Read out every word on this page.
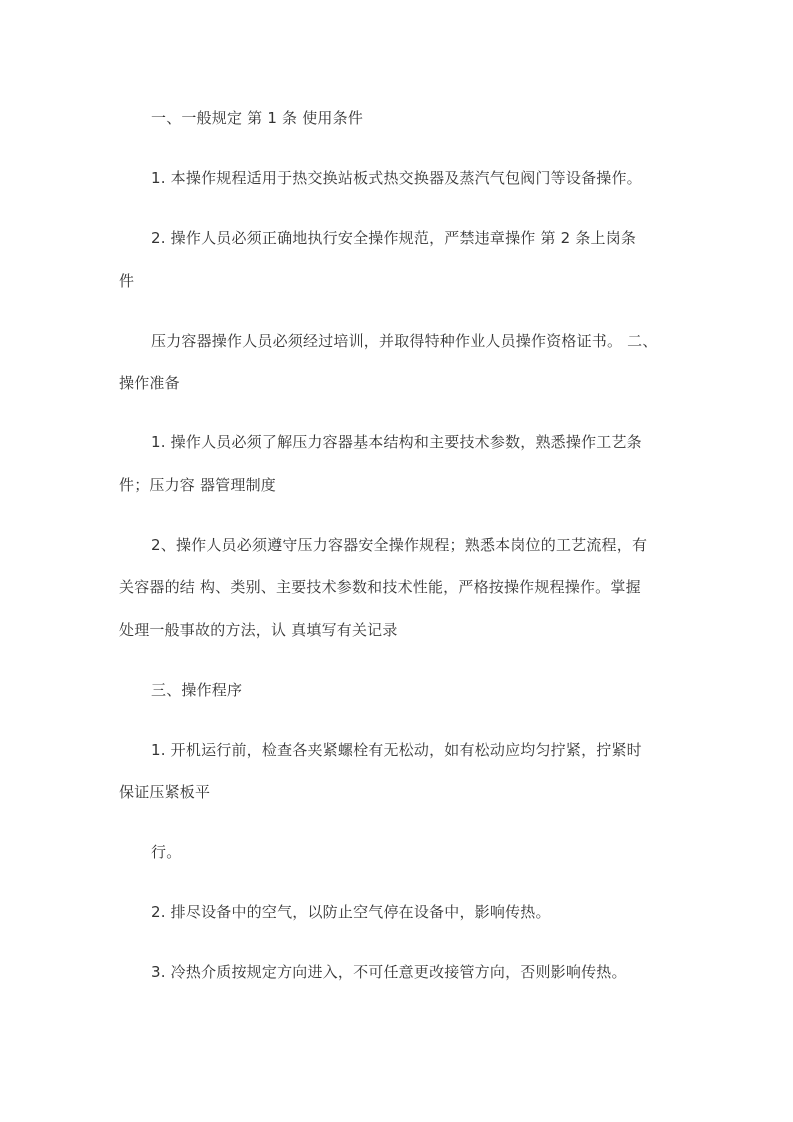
一、一般规定 第 1 条 使用条件
1. 本操作规程适用于热交换站板式热交换器及蒸汽气包阀门等设备操作。
2. 操作人员必须正确地执行安全操作规范，严禁违章操作 第 2 条上岗条
件
压力容器操作人员必须经过培训，并取得特种作业人员操作资格证书。 二、
操作准备
1. 操作人员必须了解压力容器基本结构和主要技术参数，熟悉操作工艺条
件；压力容 器管理制度
2、操作人员必须遵守压力容器安全操作规程；熟悉本岗位的工艺流程，有
关容器的结 构、类别、主要技术参数和技术性能，严格按操作规程操作。掌握
处理一般事故的方法，认 真填写有关记录
三、操作程序
1. 开机运行前，检查各夹紧螺栓有无松动，如有松动应均匀拧紧，拧紧时
保证压紧板平
行。
2. 排尽设备中的空气，以防止空气停在设备中，影响传热。
3. 冷热介质按规定方向进入，不可任意更改接管方向，否则影响传热。
